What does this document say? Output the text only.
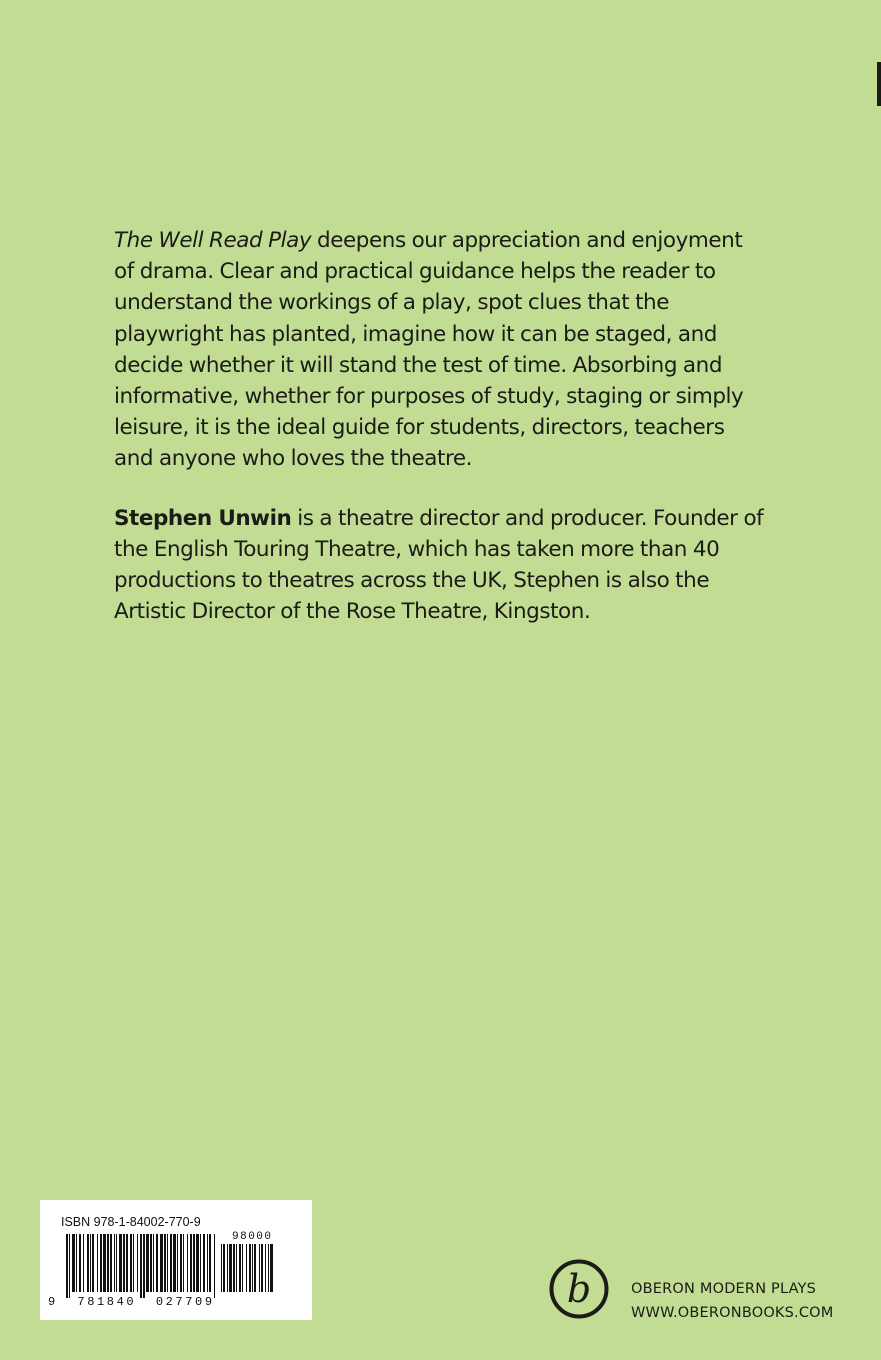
The Well Read Play deepens our appreciation and enjoyment of drama. Clear and practical guidance helps the reader to understand the workings of a play, spot clues that the playwright has planted, imagine how it can be staged, and decide whether it will stand the test of time. Absorbing and informative, whether for purposes of study, staging or simply leisure, it is the ideal guide for students, directors, teachers and anyone who loves the theatre.

Stephen Unwin is a theatre director and producer. Founder of the English Touring Theatre, which has taken more than 40 productions to theatres across the UK, Stephen is also the Artistic Director of the Rose Theatre, Kingston.

ISBN 978-1-84002-770-9
98000
9  781840  027709	b	OBERON MODERN PLAYS
WWW.OBERONBOOKS.COM
